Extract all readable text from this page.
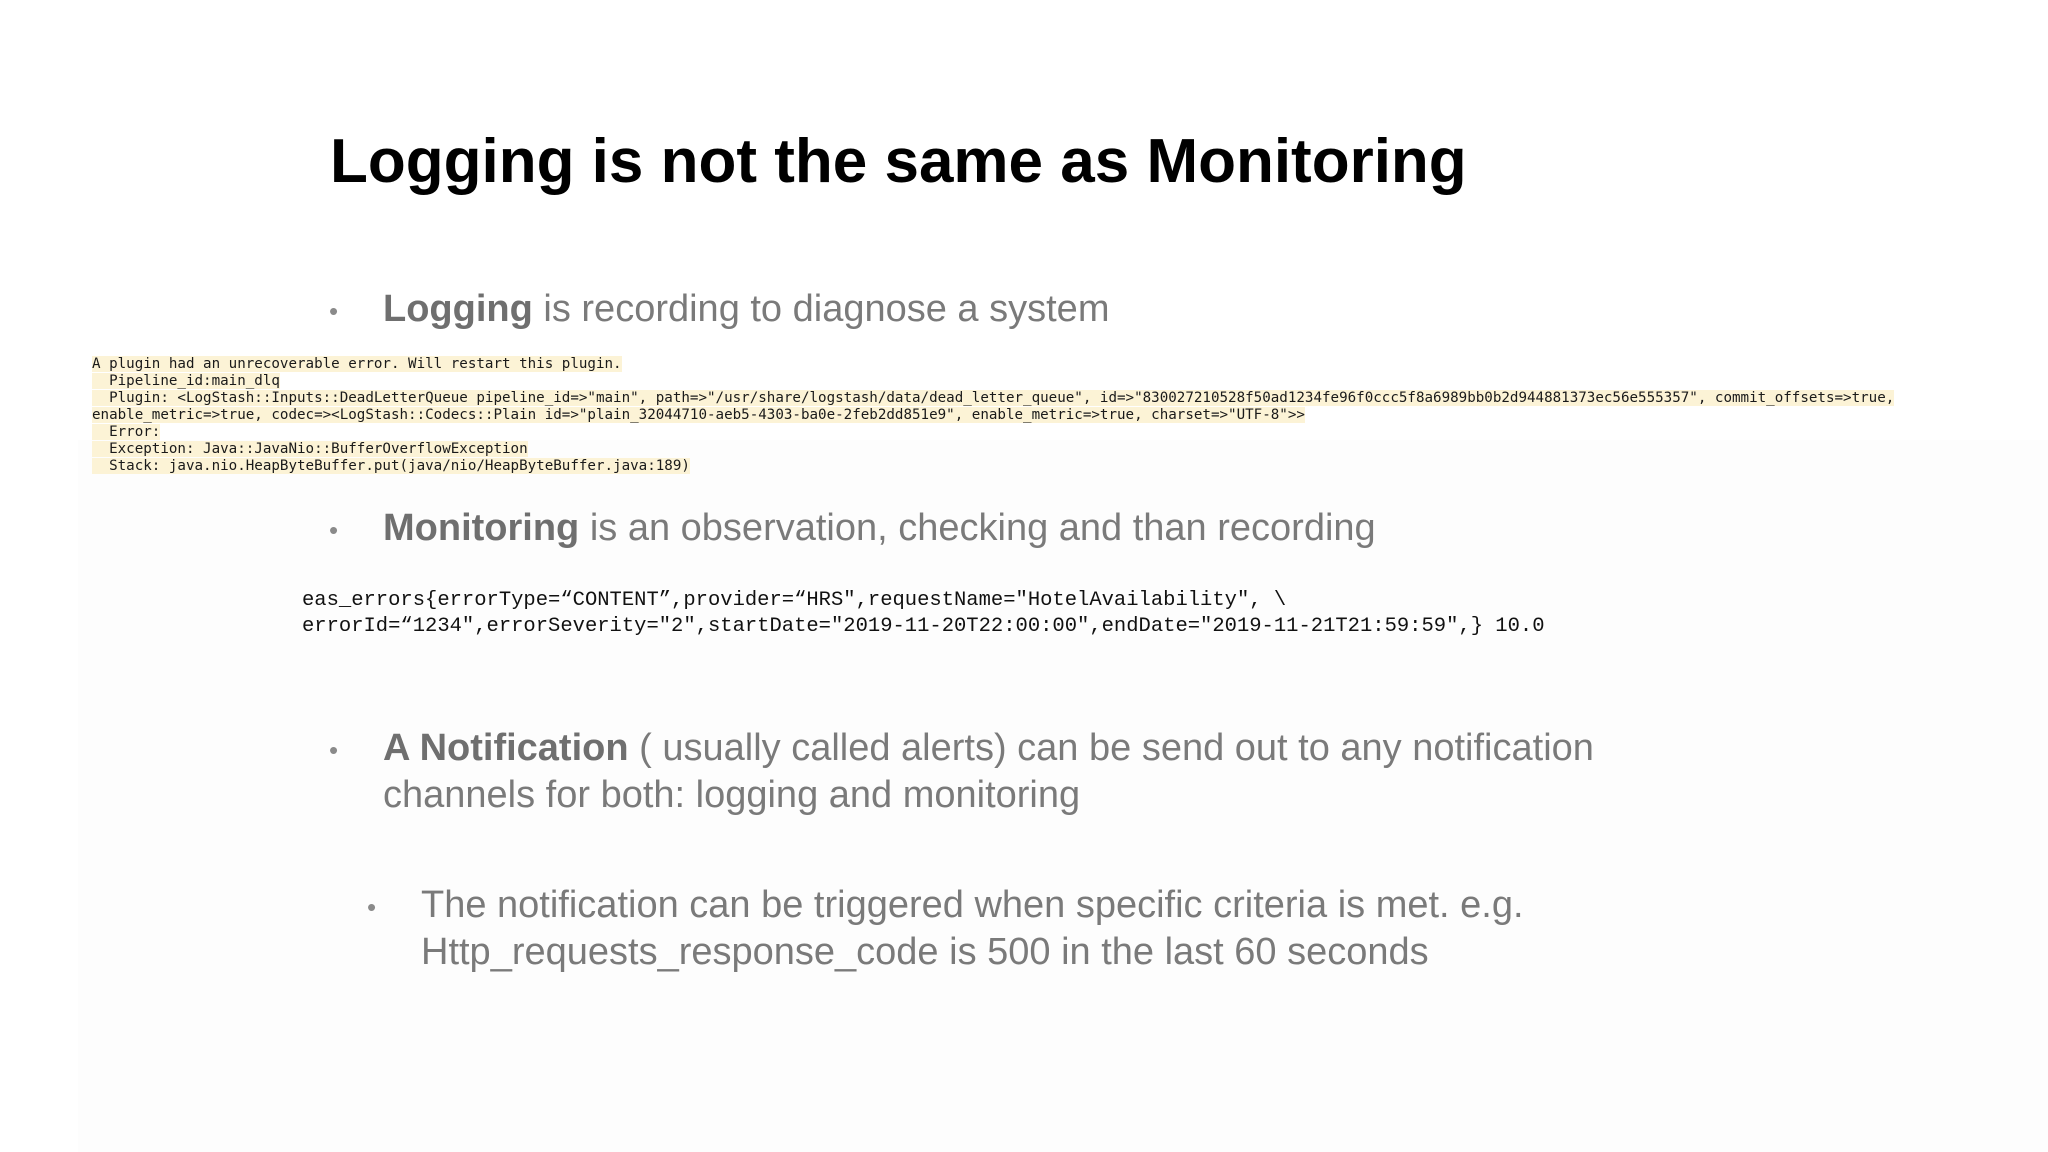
Logging is not the same as Monitoring
• Logging is recording to diagnose a system
A plugin had an unrecoverable error. Will restart this plugin.
Pipeline_id:main_dlq
Plugin: <LogStash::Inputs::DeadLetterQueue pipeline_id=>"main", path=>"/usr/share/logstash/data/dead_letter_queue", id=>"830027210528f50ad1234fe96f0ccc5f8a6989bb0b2d944881373ec56e555357", commit_offsets=>true,
enable_metric=>true, codec=><LogStash::Codecs::Plain id=>"plain_32044710-aeb5-4303-ba0e-2feb2dd851e9", enable_metric=>true, charset=>"UTF-8">>
Error:
Exception: Java::JavaNio::BufferOverflowException
Stack: java.nio.HeapByteBuffer.put(java/nio/HeapByteBuffer.java:189)
• Monitoring is an observation, checking and than recording
eas_errors{errorType=“CONTENT”,provider=“HRS",requestName="HotelAvailability", \
errorId=“1234",errorSeverity="2",startDate="2019-11-20T22:00:00",endDate="2019-11-21T21:59:59",} 10.0
• A Notification ( usually called alerts) can be send out to any notification
channels for both: logging and monitoring
• The notification can be triggered when specific criteria is met. e.g.
Http_requests_response_code is 500 in the last 60 seconds
